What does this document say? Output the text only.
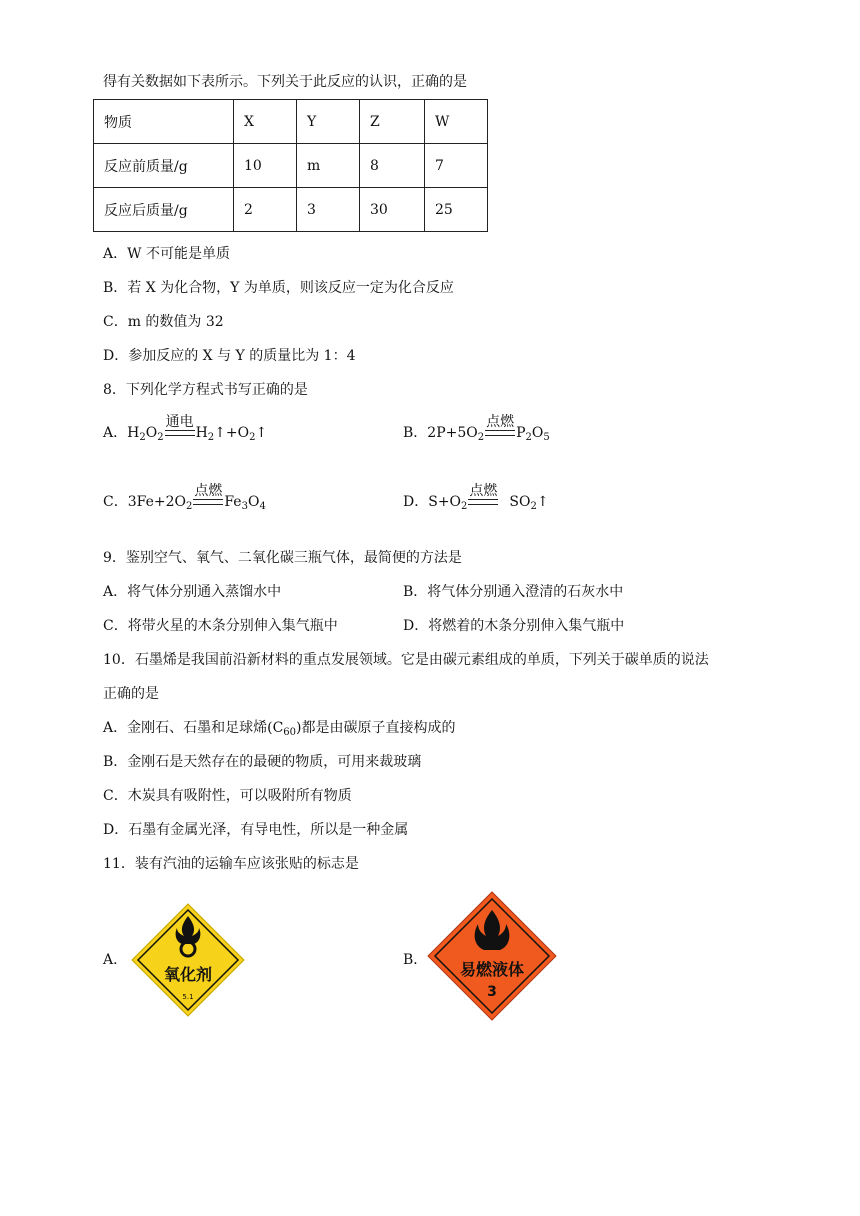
得有关数据如下表所示。下列关于此反应的认识，正确的是
物质	X	Y	Z	W
反应前质量/g	10	m	8	7
反应后质量/g	2	3	30	25
A．W 不可能是单质
B．若 X 为化合物，Y 为单质，则该反应一定为化合反应
C．m 的数值为 32
D．参加反应的 X 与 Y 的质量比为 1：4
8．下列化学方程式书写正确的是
A．$H_2O_2$
通电
$H_2↑+O_2↑$	B．$2P+5O_2$
点燃
$P_2O_5$
C．$3Fe+2O_2$
点燃
$Fe_3O_4$	D．$S+O_2$
点燃
$SO_2↑$
9．鉴别空气、氧气、二氧化碳三瓶气体，最简便的方法是
A．将气体分别通入蒸馏水中	B．将气体分别通入澄清的石灰水中
C．将带火星的木条分别伸入集气瓶中	D．将燃着的木条分别伸入集气瓶中
10．石墨烯是我国前沿新材料的重点发展领域。它是由碳元素组成的单质，下列关于碳单质的说法
正确的是
A．金刚石、石墨和足球烯$(C_{60})$都是由碳原子直接构成的
B．金刚石是天然存在的最硬的物质，可用来裁玻璃
C．木炭具有吸附性，可以吸附所有物质
D．石墨有金属光泽，有导电性，所以是一种金属
11．装有汽油的运输车应该张贴的标志是
A．
氧化剂
5.1
B． 易燃液体
3
